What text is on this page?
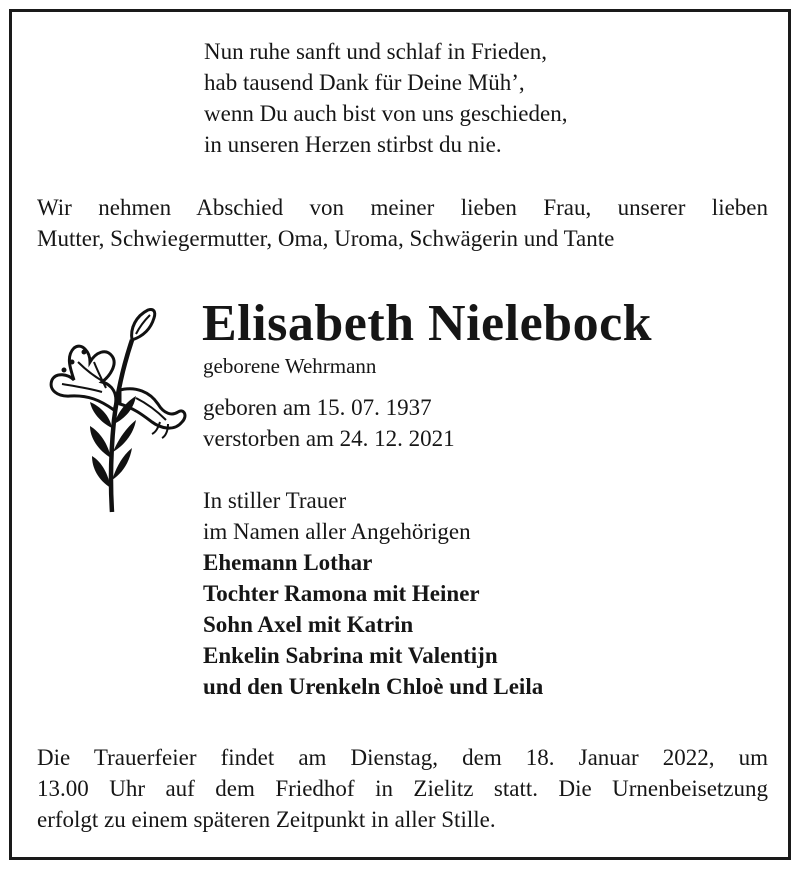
Nun ruhe sanft und schlaf in Frieden,
hab tausend Dank für Deine Müh’,
wenn Du auch bist von uns geschieden,
in unseren Herzen stirbst du nie.
Wir nehmen Abschied von meiner lieben Frau, unserer lieben
Mutter, Schwiegermutter, Oma, Uroma, Schwägerin und Tante
Elisabeth Nielebock
geborene Wehrmann
geboren am 15. 07. 1937
verstorben am 24. 12. 2021
In stiller Trauer
im Namen aller Angehörigen
Ehemann Lothar
Tochter Ramona mit Heiner
Sohn Axel mit Katrin
Enkelin Sabrina mit Valentijn
und den Urenkeln Chloè und Leila
Die Trauerfeier findet am Dienstag, dem 18. Januar 2022, um
13.00 Uhr auf dem Friedhof in Zielitz statt. Die Urnenbeisetzung
erfolgt zu einem späteren Zeitpunkt in aller Stille.
